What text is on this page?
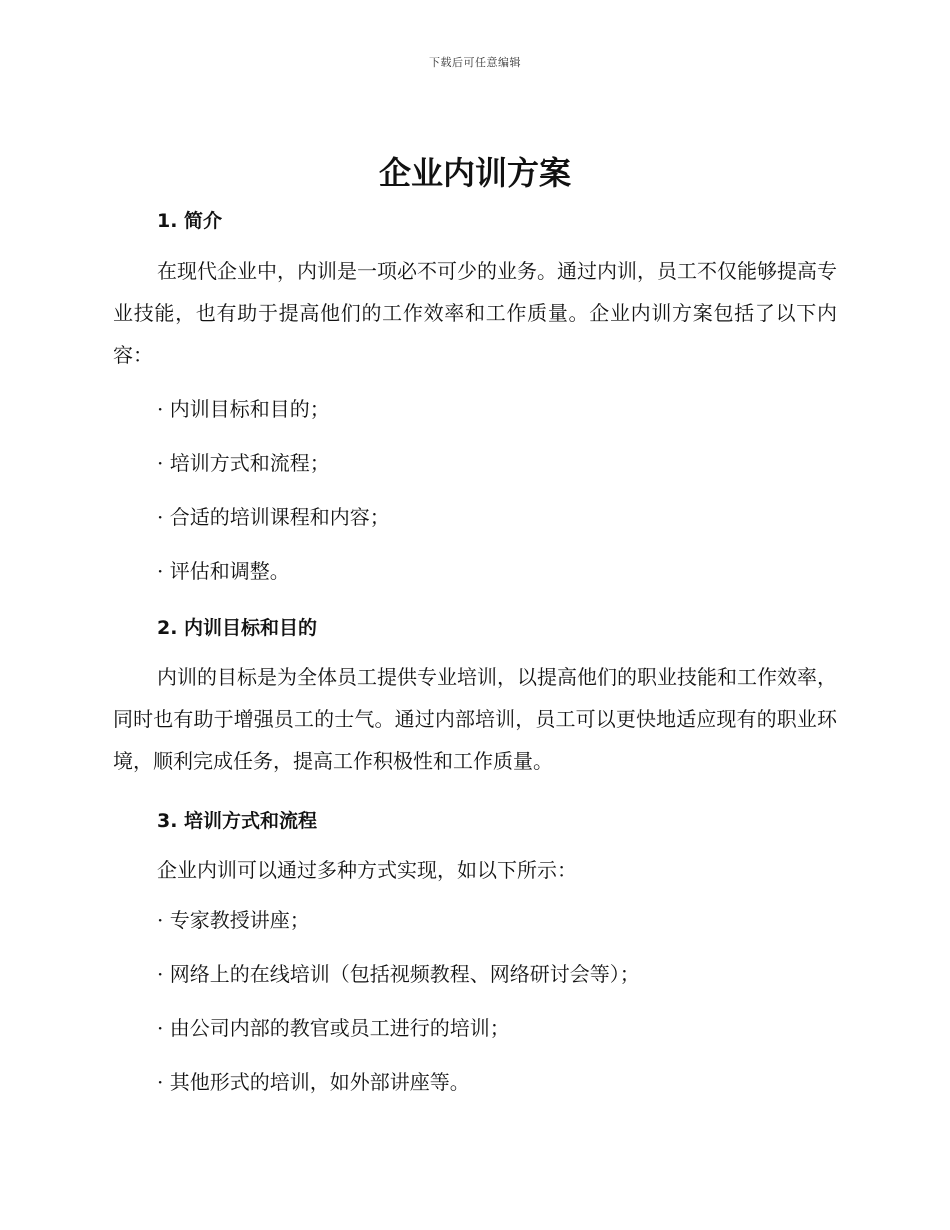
下载后可任意编辑
企业内训方案
1. 简介

在现代企业中，内训是一项必不可少的业务。通过内训，员工不仅能够提高专业技能，也有助于提高他们的工作效率和工作质量。企业内训方案包括了以下内容：

· 内训目标和目的；

· 培训方式和流程；

· 合适的培训课程和内容；

· 评估和调整。

2. 内训目标和目的

内训的目标是为全体员工提供专业培训，以提高他们的职业技能和工作效率，同时也有助于增强员工的士气。通过内部培训，员工可以更快地适应现有的职业环境，顺利完成任务，提高工作积极性和工作质量。

3. 培训方式和流程

企业内训可以通过多种方式实现，如以下所示：

· 专家教授讲座；

· 网络上的在线培训（包括视频教程、网络研讨会等）；

· 由公司内部的教官或员工进行的培训；

· 其他形式的培训，如外部讲座等。
